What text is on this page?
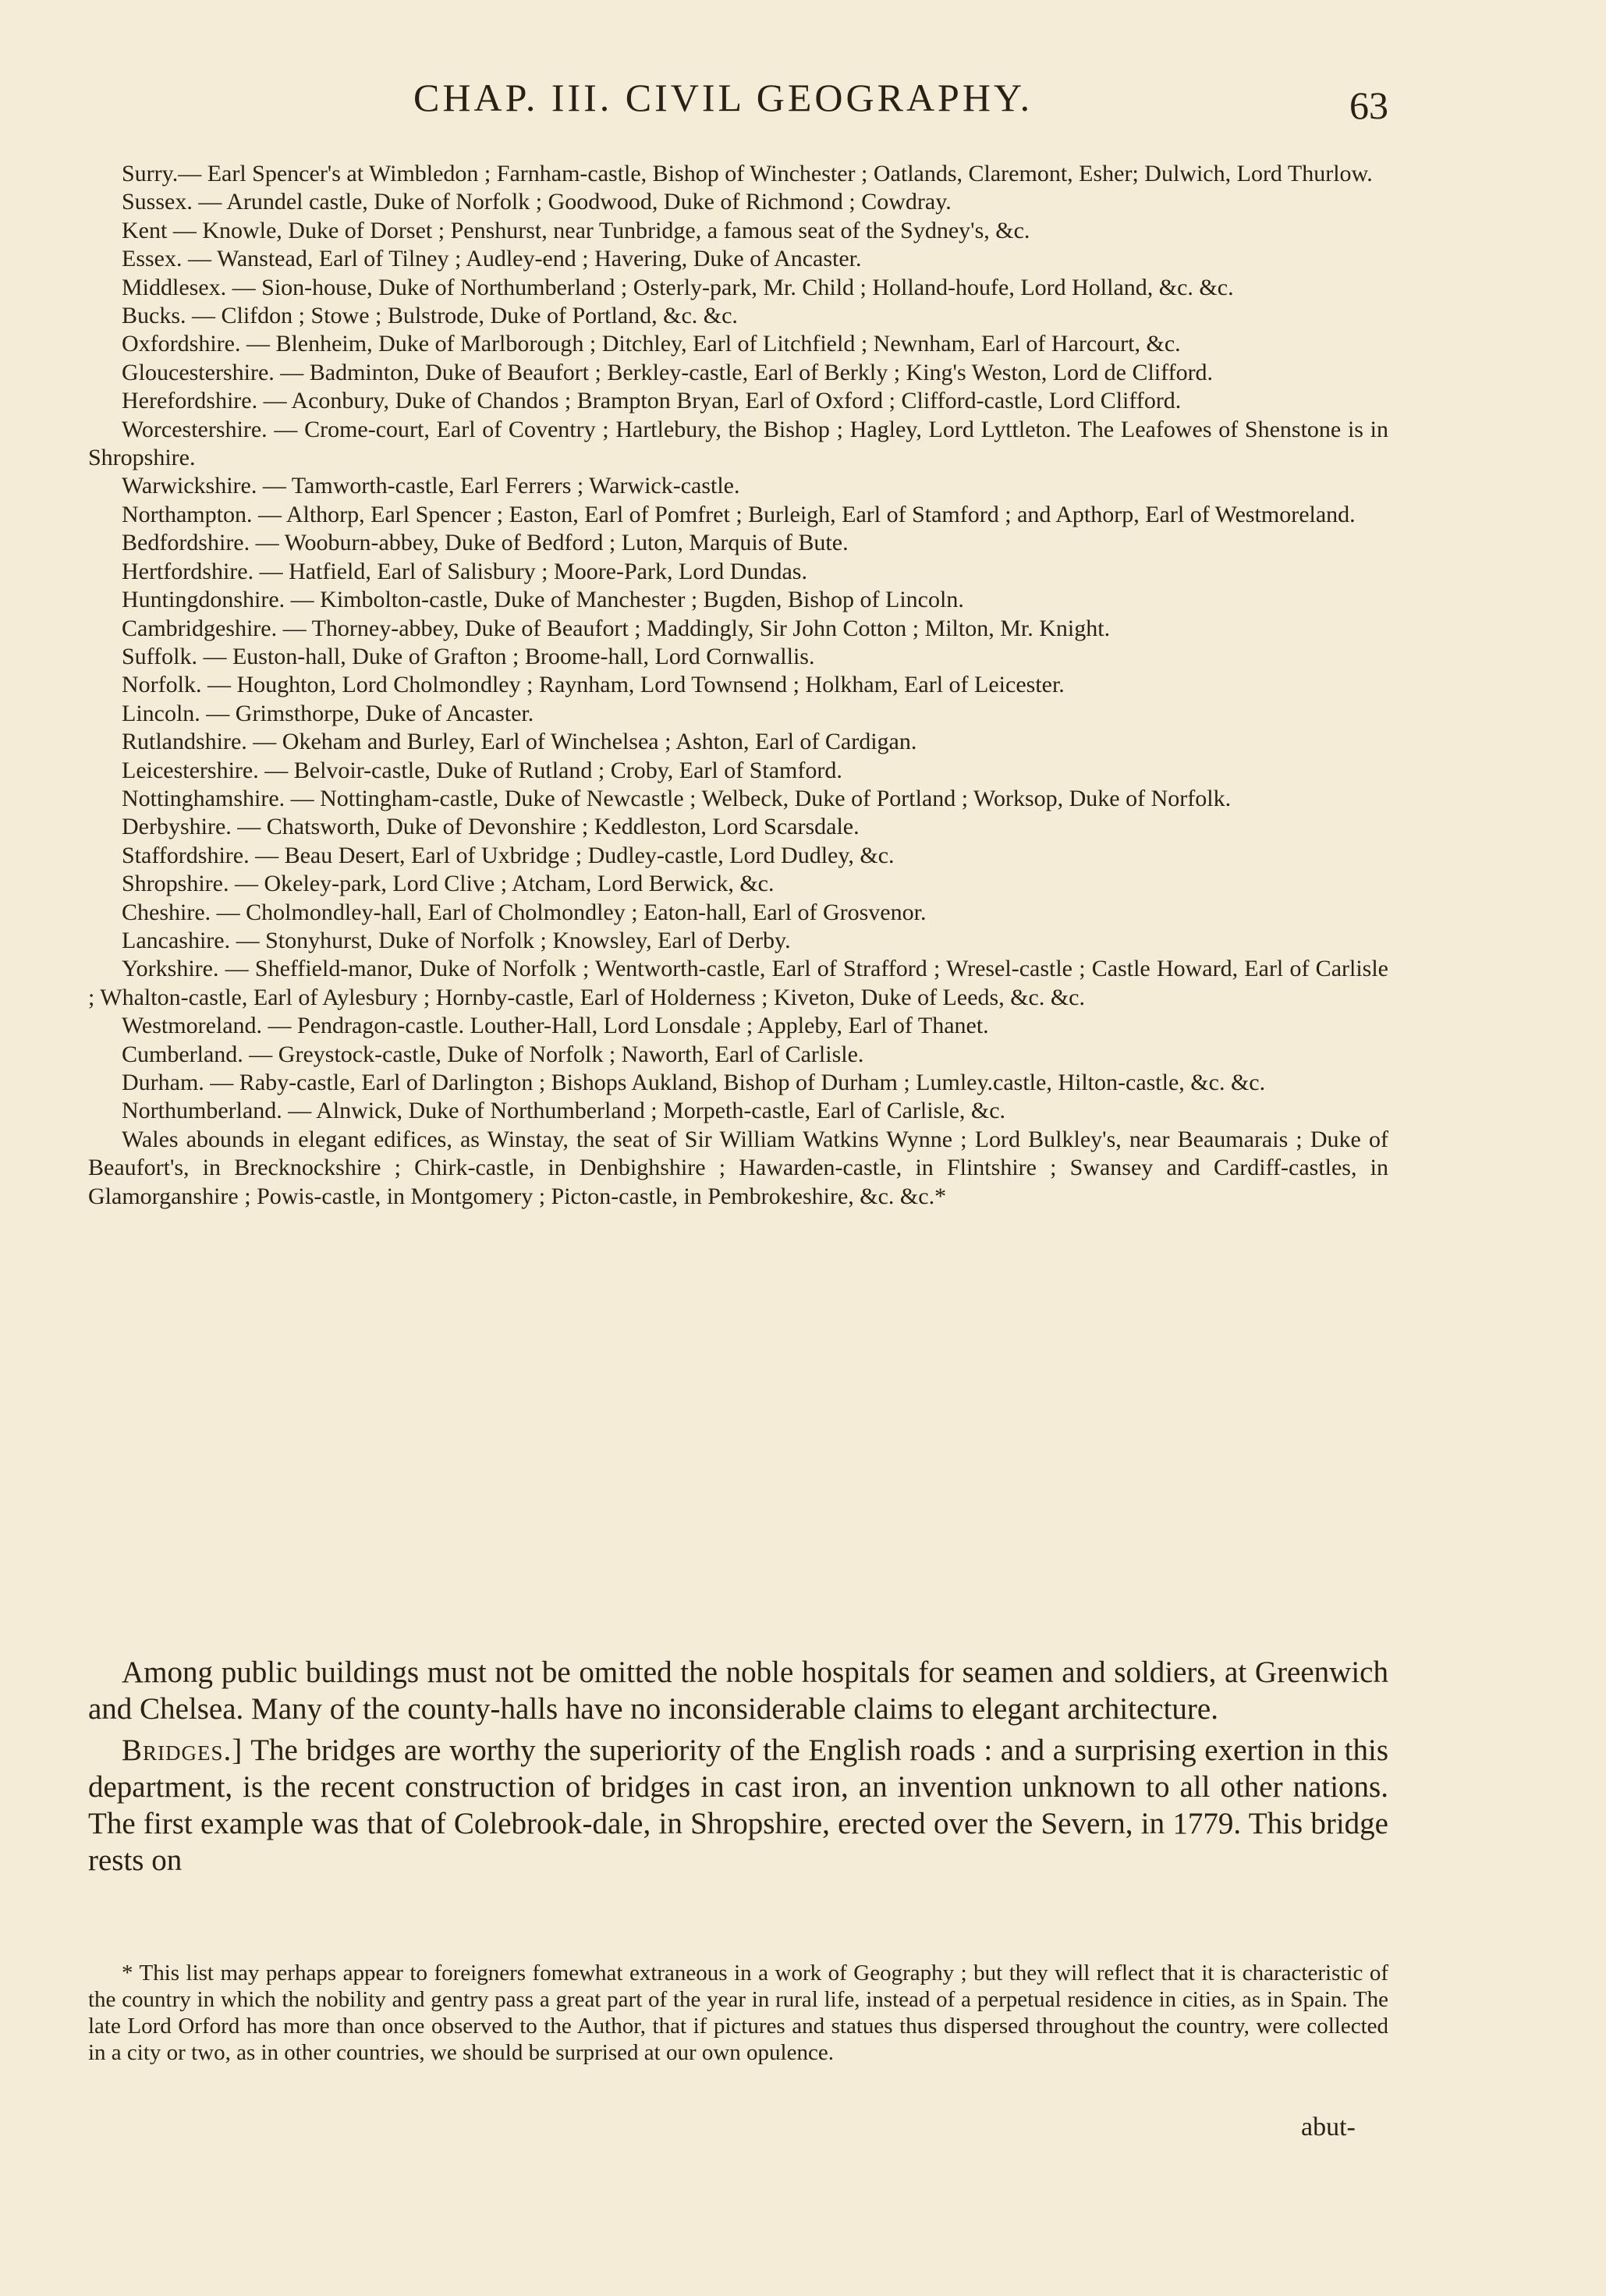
CHAP. III. CIVIL GEOGRAPHY.	63

Surry.— Earl Spencer's at Wimbledon ; Farnham-castle, Bishop of Winchester ; Oatlands, Claremont, Esher; Dulwich, Lord Thurlow.

Sussex. — Arundel castle, Duke of Norfolk ; Goodwood, Duke of Richmond ; Cowdray.

Kent — Knowle, Duke of Dorset ; Penshurst, near Tunbridge, a famous seat of the Sydney's, &c.

Essex. — Wanstead, Earl of Tilney ; Audley-end ; Havering, Duke of Ancaster.

Middlesex. — Sion-house, Duke of Northumberland ; Osterly-park, Mr. Child ; Holland-houfe, Lord Holland, &c. &c.

Bucks. — Clifdon ; Stowe ; Bulstrode, Duke of Portland, &c. &c.

Oxfordshire. — Blenheim, Duke of Marlborough ; Ditchley, Earl of Litchfield ; Newnham, Earl of Harcourt, &c.

Gloucestershire. — Badminton, Duke of Beaufort ; Berkley-castle, Earl of Berkly ; King's Weston, Lord de Clifford.

Herefordshire. — Aconbury, Duke of Chandos ; Brampton Bryan, Earl of Oxford ; Clifford-castle, Lord Clifford.

Worcestershire. — Crome-court, Earl of Coventry ; Hartlebury, the Bishop ; Hagley, Lord Lyttleton. The Leafowes of Shenstone is in Shropshire.

Warwickshire. — Tamworth-castle, Earl Ferrers ; Warwick-castle.

Northampton. — Althorp, Earl Spencer ; Easton, Earl of Pomfret ; Burleigh, Earl of Stamford ; and Apthorp, Earl of Westmoreland.

Bedfordshire. — Wooburn-abbey, Duke of Bedford ; Luton, Marquis of Bute.

Hertfordshire. — Hatfield, Earl of Salisbury ; Moore-Park, Lord Dundas.

Huntingdonshire. — Kimbolton-castle, Duke of Manchester ; Bugden, Bishop of Lincoln.

Cambridgeshire. — Thorney-abbey, Duke of Beaufort ; Maddingly, Sir John Cotton ; Milton, Mr. Knight.

Suffolk. — Euston-hall, Duke of Grafton ; Broome-hall, Lord Cornwallis.

Norfolk. — Houghton, Lord Cholmondley ; Raynham, Lord Townsend ; Holkham, Earl of Leicester.

Lincoln. — Grimsthorpe, Duke of Ancaster.

Rutlandshire. — Okeham and Burley, Earl of Winchelsea ; Ashton, Earl of Cardigan.

Leicestershire. — Belvoir-castle, Duke of Rutland ; Croby, Earl of Stamford.

Nottinghamshire. — Nottingham-castle, Duke of Newcastle ; Welbeck, Duke of Portland ; Worksop, Duke of Norfolk.

Derbyshire. — Chatsworth, Duke of Devonshire ; Keddleston, Lord Scarsdale.

Staffordshire. — Beau Desert, Earl of Uxbridge ; Dudley-castle, Lord Dudley, &c.

Shropshire. — Okeley-park, Lord Clive ; Atcham, Lord Berwick, &c.

Cheshire. — Cholmondley-hall, Earl of Cholmondley ; Eaton-hall, Earl of Grosvenor.

Lancashire. — Stonyhurst, Duke of Norfolk ; Knowsley, Earl of Derby.

Yorkshire. — Sheffield-manor, Duke of Norfolk ; Wentworth-castle, Earl of Strafford ; Wresel-castle ; Castle Howard, Earl of Carlisle ; Whalton-castle, Earl of Aylesbury ; Hornby-castle, Earl of Holderness ; Kiveton, Duke of Leeds, &c. &c.

Westmoreland. — Pendragon-castle. Louther-Hall, Lord Lonsdale ; Appleby, Earl of Thanet.

Cumberland. — Greystock-castle, Duke of Norfolk ; Naworth, Earl of Carlisle.

Durham. — Raby-castle, Earl of Darlington ; Bishops Aukland, Bishop of Durham ; Lumley.castle, Hilton-castle, &c. &c.

Northumberland. — Alnwick, Duke of Northumberland ; Morpeth-castle, Earl of Carlisle, &c.

Wales abounds in elegant edifices, as Winstay, the seat of Sir William Watkins Wynne ; Lord Bulkley's, near Beaumarais ; Duke of Beaufort's, in Brecknockshire ; Chirk-castle, in Denbighshire ; Hawarden-castle, in Flintshire ; Swansey and Cardiff-castles, in Glamorganshire ; Powis-castle, in Montgomery ; Picton-castle, in Pembrokeshire, &c. &c.*

Among public buildings must not be omitted the noble hospitals for seamen and soldiers, at Greenwich and Chelsea. Many of the county-halls have no inconsiderable claims to elegant architecture.

Bridges.] The bridges are worthy the superiority of the English roads : and a surprising exertion in this department, is the recent construction of bridges in cast iron, an invention unknown to all other nations. The first example was that of Colebrook-dale, in Shropshire, erected over the Severn, in 1779. This bridge rests on

* This list may perhaps appear to foreigners fomewhat extraneous in a work of Geography ; but they will reflect that it is characteristic of the country in which the nobility and gentry pass a great part of the year in rural life, instead of a perpetual residence in cities, as in Spain. The late Lord Orford has more than once observed to the Author, that if pictures and statues thus dispersed throughout the country, were collected in a city or two, as in other countries, we should be surprised at our own opulence.

abut-
